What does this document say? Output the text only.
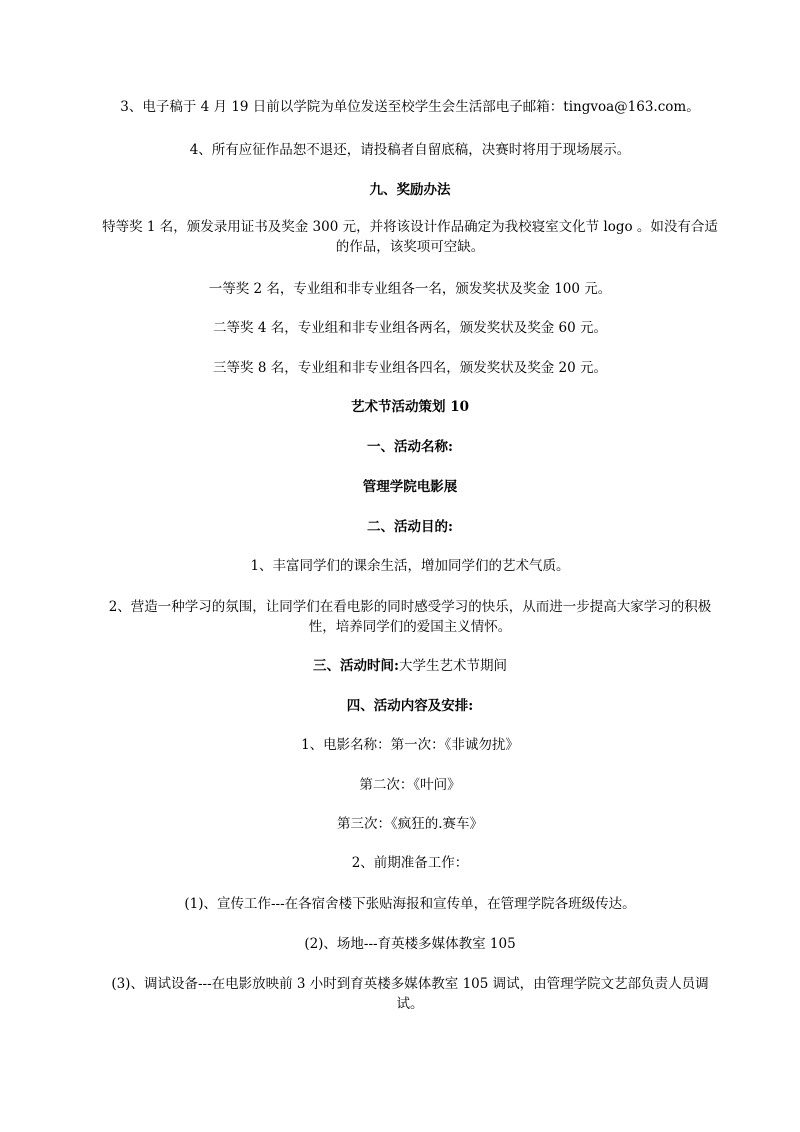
3、电子稿于 4 月 19 日前以学院为单位发送至校学生会生活部电子邮箱：tingvoa@163.com。
4、所有应征作品恕不退还，请投稿者自留底稿，决赛时将用于现场展示。
九、奖励办法
特等奖 1 名，颁发录用证书及奖金 300 元，并将该设计作品确定为我校寝室文化节 logo 。如没有合适的作品，该奖项可空缺。
一等奖 2 名，专业组和非专业组各一名，颁发奖状及奖金 100 元。
二等奖 4 名，专业组和非专业组各两名，颁发奖状及奖金 60 元。
三等奖 8 名，专业组和非专业组各四名，颁发奖状及奖金 20 元。
艺术节活动策划 10
一、活动名称:
管理学院电影展
二、活动目的:
1、丰富同学们的课余生活，增加同学们的艺术气质。
2、营造一种学习的氛围，让同学们在看电影的同时感受学习的快乐，从而进一步提高大家学习的积极性，培养同学们的爱国主义情怀。
三、活动时间:大学生艺术节期间
四、活动内容及安排:
1、电影名称：第一次：《非诚勿扰》
第二次：《叶问》
第三次：《疯狂的.赛车》
2、前期准备工作：
(1)、宣传工作---在各宿舍楼下张贴海报和宣传单，在管理学院各班级传达。
(2)、场地---育英楼多媒体教室 105
(3)、调试设备---在电影放映前 3 小时到育英楼多媒体教室 105 调试，由管理学院文艺部负责人员调试。
